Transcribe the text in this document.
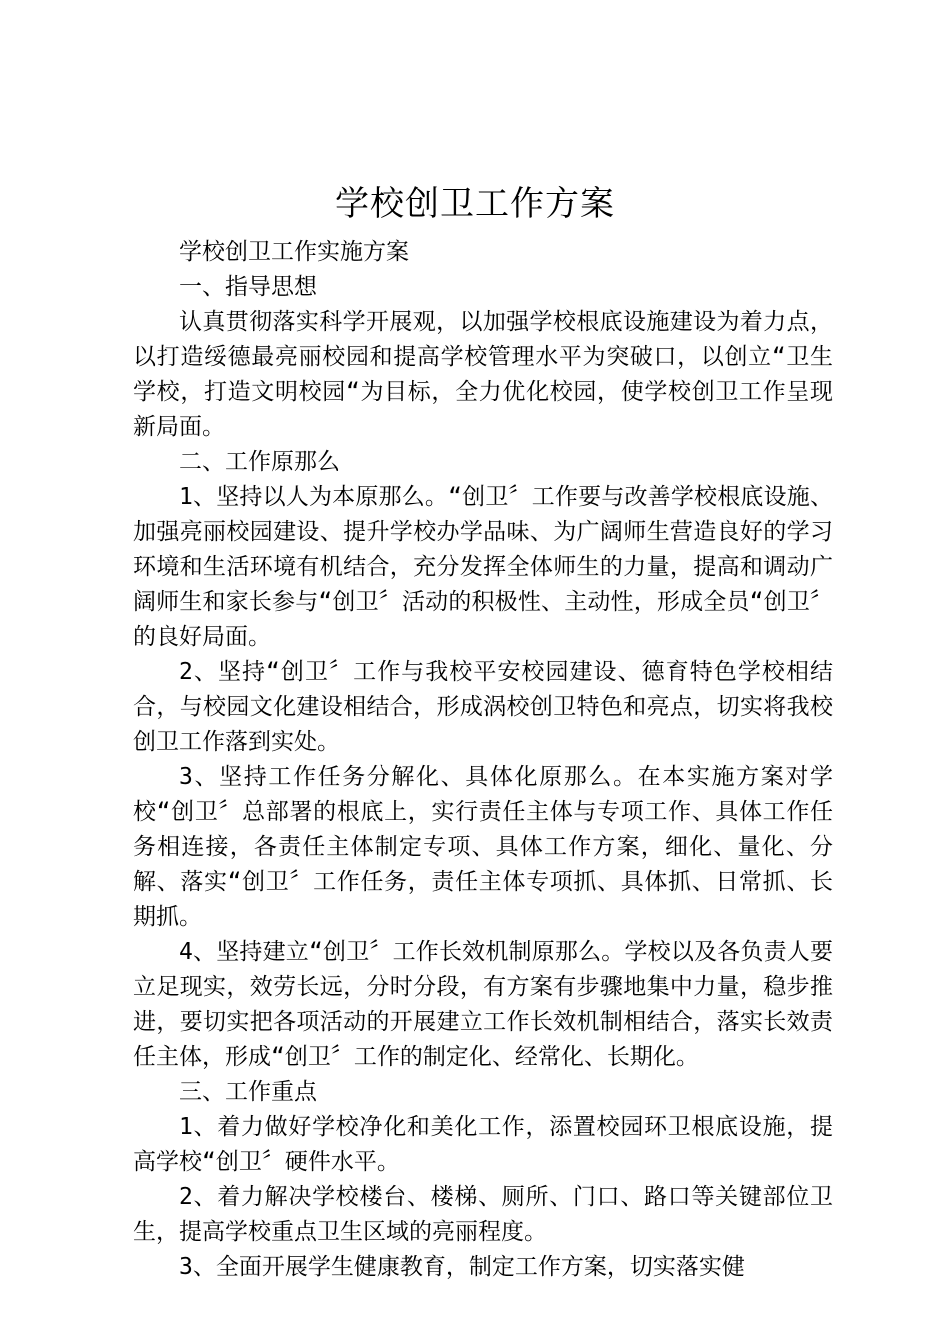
学校创卫工作方案

学校创卫工作实施方案

一、指导思想

认真贯彻落实科学开展观，以加强学校根底设施建设为着力点，以打造绥德最亮丽校园和提高学校管理水平为突破口，以创立“卫生学校，打造文明校园“为目标，全力优化校园，使学校创卫工作呈现新局面。

二、工作原那么

1、坚持以人为本原那么。“创卫〞工作要与改善学校根底设施、加强亮丽校园建设、提升学校办学品味、为广阔师生营造良好的学习环境和生活环境有机结合，充分发挥全体师生的力量，提高和调动广阔师生和家长参与“创卫〞活动的积极性、主动性，形成全员“创卫〞的良好局面。

2、坚持“创卫〞工作与我校平安校园建设、德育特色学校相结合，与校园文化建设相结合，形成涡校创卫特色和亮点，切实将我校创卫工作落到实处。

3、坚持工作任务分解化、具体化原那么。在本实施方案对学校“创卫〞总部署的根底上，实行责任主体与专项工作、具体工作任务相连接，各责任主体制定专项、具体工作方案，细化、量化、分解、落实“创卫〞工作任务，责任主体专项抓、具体抓、日常抓、长期抓。

4、坚持建立“创卫〞工作长效机制原那么。学校以及各负责人要立足现实，效劳长远，分时分段，有方案有步骤地集中力量，稳步推进，要切实把各项活动的开展建立工作长效机制相结合，落实长效责任主体，形成“创卫〞工作的制定化、经常化、长期化。

三、工作重点

1、着力做好学校净化和美化工作，添置校园环卫根底设施，提高学校“创卫〞硬件水平。

2、着力解决学校楼台、楼梯、厕所、门口、路口等关键部位卫生，提高学校重点卫生区域的亮丽程度。

3、全面开展学生健康教育，制定工作方案，切实落实健
